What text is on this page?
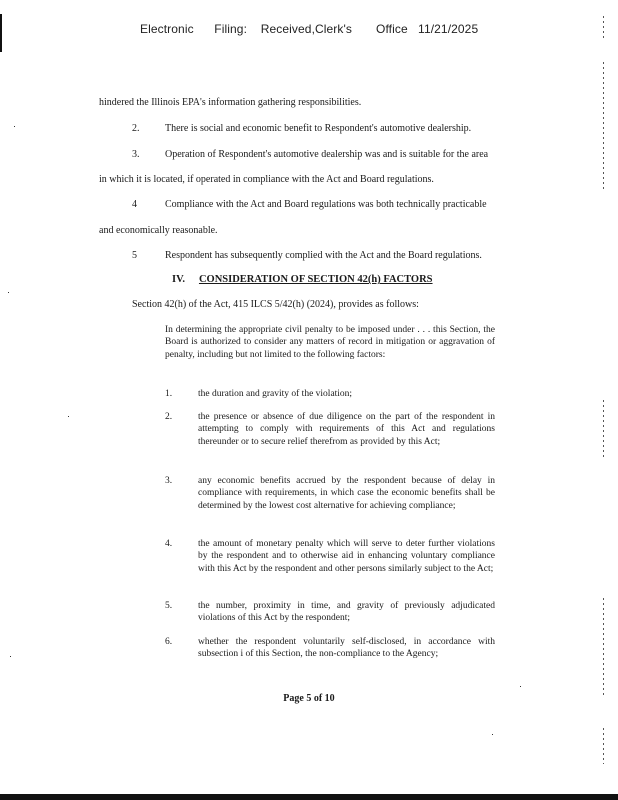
Electronic      Filing:    Received,Clerk's       Office   11/21/2025
hindered the Illinois EPA's information gathering responsibilities.
2.	There is social and economic benefit to Respondent's automotive dealership.
3.	Operation of Respondent's automotive dealership was and is suitable for the area
in which it is located, if operated in compliance with the Act and Board regulations.
4	Compliance with the Act and Board regulations was both technically practicable
and economically reasonable.
5	Respondent has subsequently complied with the Act and the Board regulations.
IV. CONSIDERATION OF SECTION 42(h) FACTORS
Section 42(h) of the Act, 415 ILCS 5/42(h) (2024), provides as follows:
In determining the appropriate civil penalty to be imposed under . . . this Section, the Board is authorized to consider any matters of record in mitigation or aggravation of penalty, including but not limited to the following factors:
1.	the duration and gravity of the violation;
2.	the presence or absence of due diligence on the part of the respondent in attempting to comply with requirements of this Act and regulations thereunder or to secure relief therefrom as provided by this Act;
3.	any economic benefits accrued by the respondent because of delay in compliance with requirements, in which case the economic benefits shall be determined by the lowest cost alternative for achieving compliance;
4.	the amount of monetary penalty which will serve to deter further violations by the respondent and to otherwise aid in enhancing voluntary compliance with this Act by the respondent and other persons similarly subject to the Act;
5.	the number, proximity in time, and gravity of previously adjudicated violations of this Act by the respondent;
6.	whether the respondent voluntarily self-disclosed, in accordance with subsection i of this Section, the non-compliance to the Agency;
Page 5 of 10
